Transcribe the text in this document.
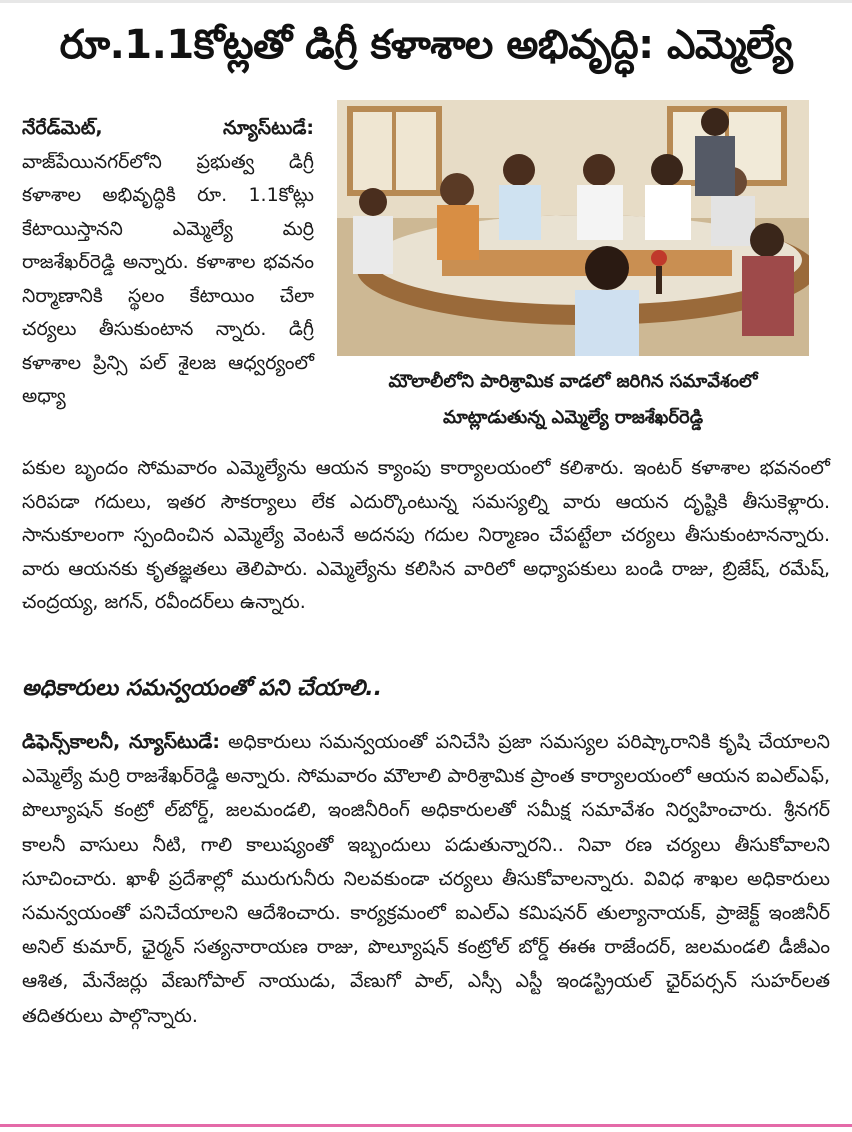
రూ.1.1కోట్లతో డిగ్రీ కళాశాల అభివృద్ధి: ఎమ్మెల్యే
నేరేడ్‌మెట్‌, న్యూస్‌టుడే: వాజ్‌పేయినగర్‌లోని ప్రభుత్వ డిగ్రీ కళాశాల అభివృద్ధికి రూ. 1.1కోట్లు కేటాయిస్తానని ఎమ్మెల్యే మర్రి రాజశేఖర్‌రెడ్డి అన్నారు. కళాశాల భవనం నిర్మాణానికి స్థలం కేటాయిం చేలా చర్యలు తీసుకుంటాన న్నారు. డిగ్రీ కళాశాల ప్రిన్సి పల్‌ శైలజ ఆధ్వర్యంలో అధ్యా
మౌలాలీలోని పారిశ్రామిక వాడలో జరిగిన సమావేశంలో
మాట్లాడుతున్న ఎమ్మెల్యే రాజశేఖర్‌రెడ్డి
పకుల బృందం సోమవారం ఎమ్మెల్యేను ఆయన క్యాంపు కార్యాలయంలో కలిశారు. ఇంటర్‌ కళాశాల భవనంలో సరిపడా గదులు, ఇతర సౌకర్యాలు లేక ఎదుర్కొంటున్న సమస్యల్ని వారు ఆయన దృష్టికి తీసుకెళ్లారు. సానుకూలంగా స్పందించిన ఎమ్మెల్యే వెంటనే అదనపు గదుల నిర్మాణం చేపట్టేలా చర్యలు తీసుకుంటానన్నారు. వారు ఆయనకు కృతజ్ఞతలు తెలిపారు. ఎమ్మెల్యేను కలిసిన వారిలో అధ్యాపకులు బండి రాజు, బ్రిజేష్‌, రమేష్‌, చంద్రయ్య, జగన్‌, రవీందర్‌లు ఉన్నారు.
అధికారులు సమన్వయంతో పని చేయాలి..
డిఫెన్స్‌కాలనీ, న్యూస్‌టుడే: అధికారులు సమన్వయంతో పనిచేసి ప్రజా సమస్యల పరిష్కారానికి కృషి చేయాలని ఎమ్మెల్యే మర్రి రాజశేఖర్‌రెడ్డి అన్నారు. సోమవారం మౌలాలి పారిశ్రామిక ప్రాంత కార్యాలయంలో ఆయన ఐఎల్‌ఎఫ్‌, పొల్యూషన్‌ కంట్రో ల్‌బోర్డ్‌, జలమండలి, ఇంజినీరింగ్‌ అధికారులతో సమీక్ష సమావేశం నిర్వహించారు. శ్రీనగర్‌ కాలనీ వాసులు నీటి, గాలి కాలుష్యంతో ఇబ్బందులు పడుతున్నారని.. నివా రణ చర్యలు తీసుకోవాలని సూచించారు. ఖాళీ ప్రదేశాల్లో మురుగునీరు నిలవకుండా చర్యలు తీసుకోవాలన్నారు. వివిధ శాఖల అధికారులు సమన్వయంతో పనిచేయాలని ఆదేశించారు. కార్యక్రమంలో ఐఎల్‌ఎ కమిషనర్‌ తుల్యానాయక్‌, ప్రాజెక్ట్‌ ఇంజినీర్‌ అనిల్‌ కుమార్‌, ఛైర్మన్‌ సత్యనారాయణ రాజు, పొల్యూషన్‌ కంట్రోల్‌ బోర్డ్‌ ఈఈ రాజేందర్‌, జలమండలి డీజీఎం ఆశిత, మేనేజర్లు వేణుగోపాల్‌ నాయుడు, వేణుగో పాల్‌, ఎస్సీ ఎస్టీ ఇండస్ట్రియల్‌ ఛైర్‌పర్సన్‌ సుహర్‌లత తదితరులు పాల్గొన్నారు.
